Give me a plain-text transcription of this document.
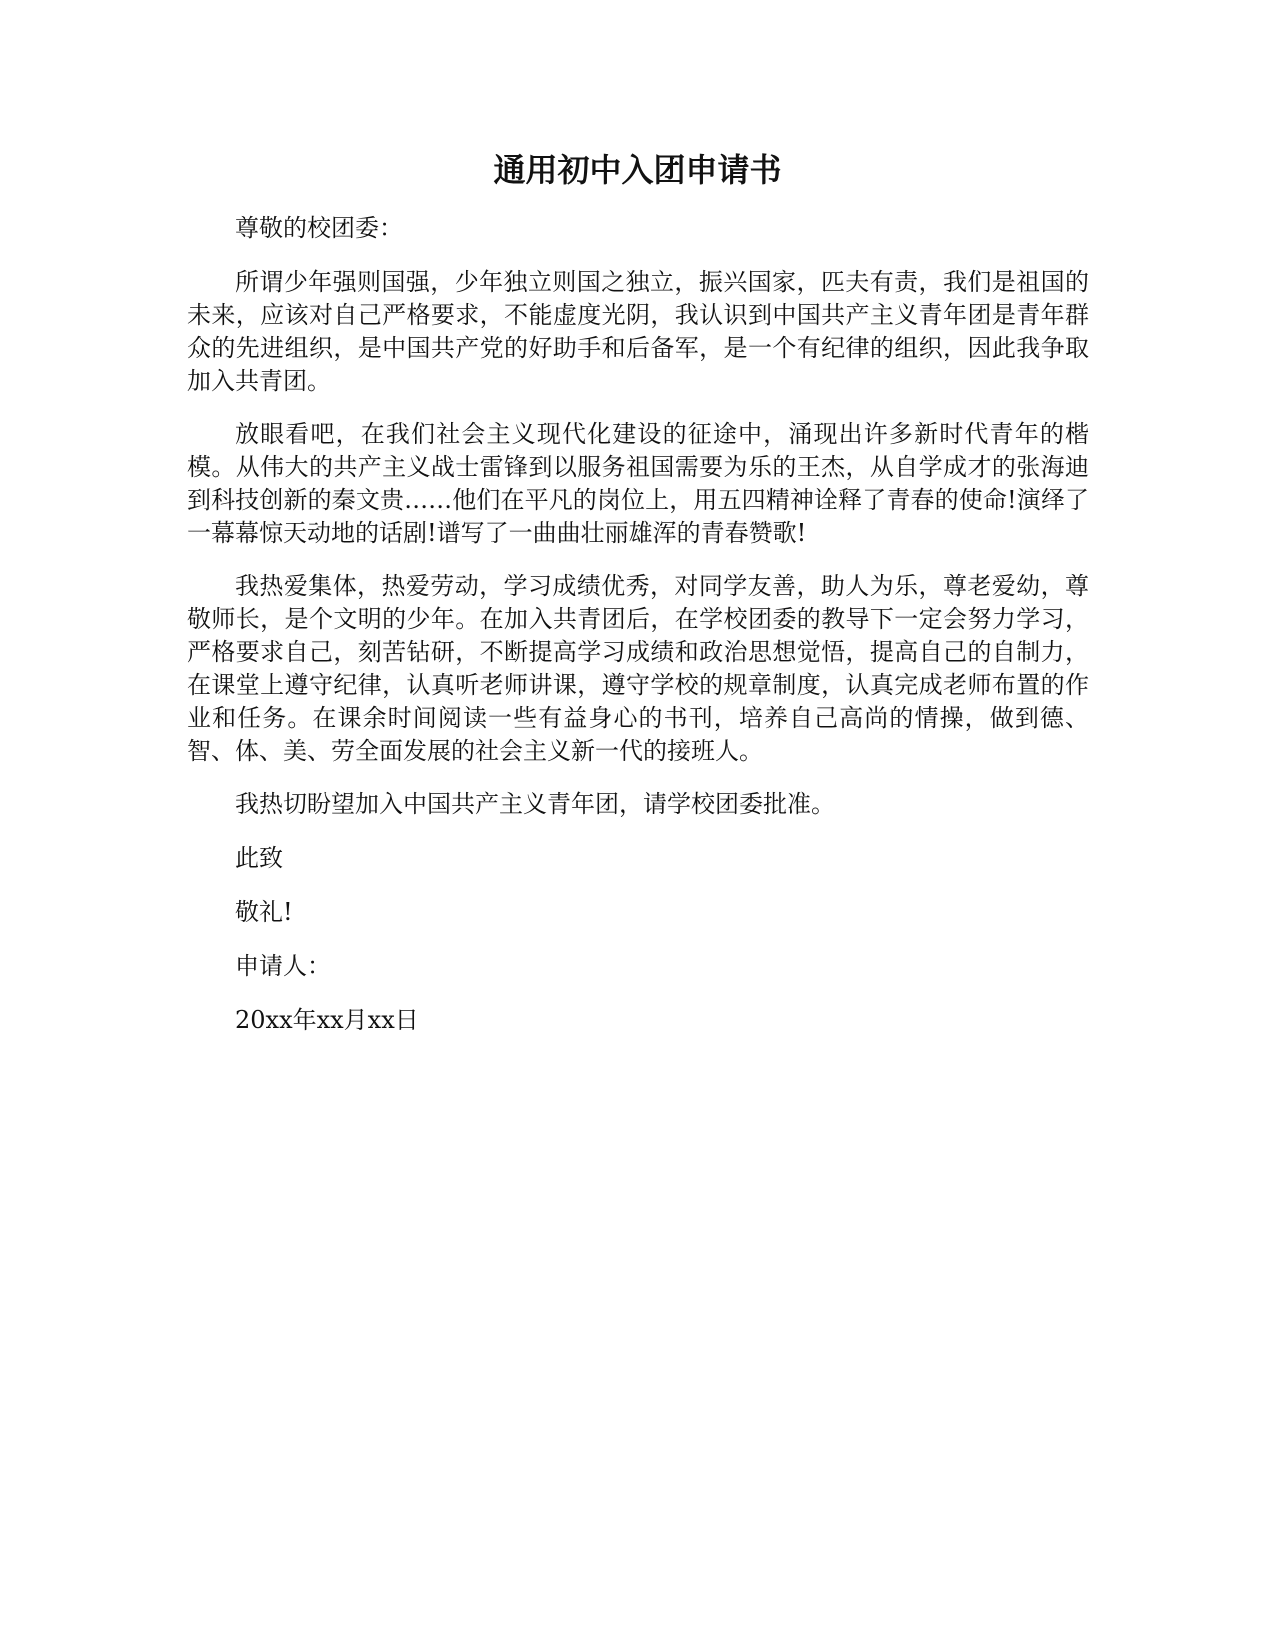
通用初中入团申请书

尊敬的校团委：

所谓少年强则国强，少年独立则国之独立，振兴国家，匹夫有责，我们是祖国的未来，应该对自己严格要求，不能虚度光阴，我认识到中国共产主义青年团是青年群众的先进组织，是中国共产党的好助手和后备军，是一个有纪律的组织，因此我争取加入共青团。

放眼看吧，在我们社会主义现代化建设的征途中，涌现出许多新时代青年的楷模。从伟大的共产主义战士雷锋到以服务祖国需要为乐的王杰，从自学成才的张海迪到科技创新的秦文贵……他们在平凡的岗位上，用五四精神诠释了青春的使命!演绎了一幕幕惊天动地的话剧!谱写了一曲曲壮丽雄浑的青春赞歌!

我热爱集体，热爱劳动，学习成绩优秀，对同学友善，助人为乐，尊老爱幼，尊敬师长，是个文明的少年。在加入共青团后，在学校团委的教导下一定会努力学习，严格要求自己，刻苦钻研，不断提高学习成绩和政治思想觉悟，提高自己的自制力，在课堂上遵守纪律，认真听老师讲课，遵守学校的规章制度，认真完成老师布置的作业和任务。在课余时间阅读一些有益身心的书刊，培养自己高尚的情操，做到德、智、体、美、劳全面发展的社会主义新一代的接班人。

我热切盼望加入中国共产主义青年团，请学校团委批准。

此致

敬礼!

申请人：

20xx年xx月xx日
